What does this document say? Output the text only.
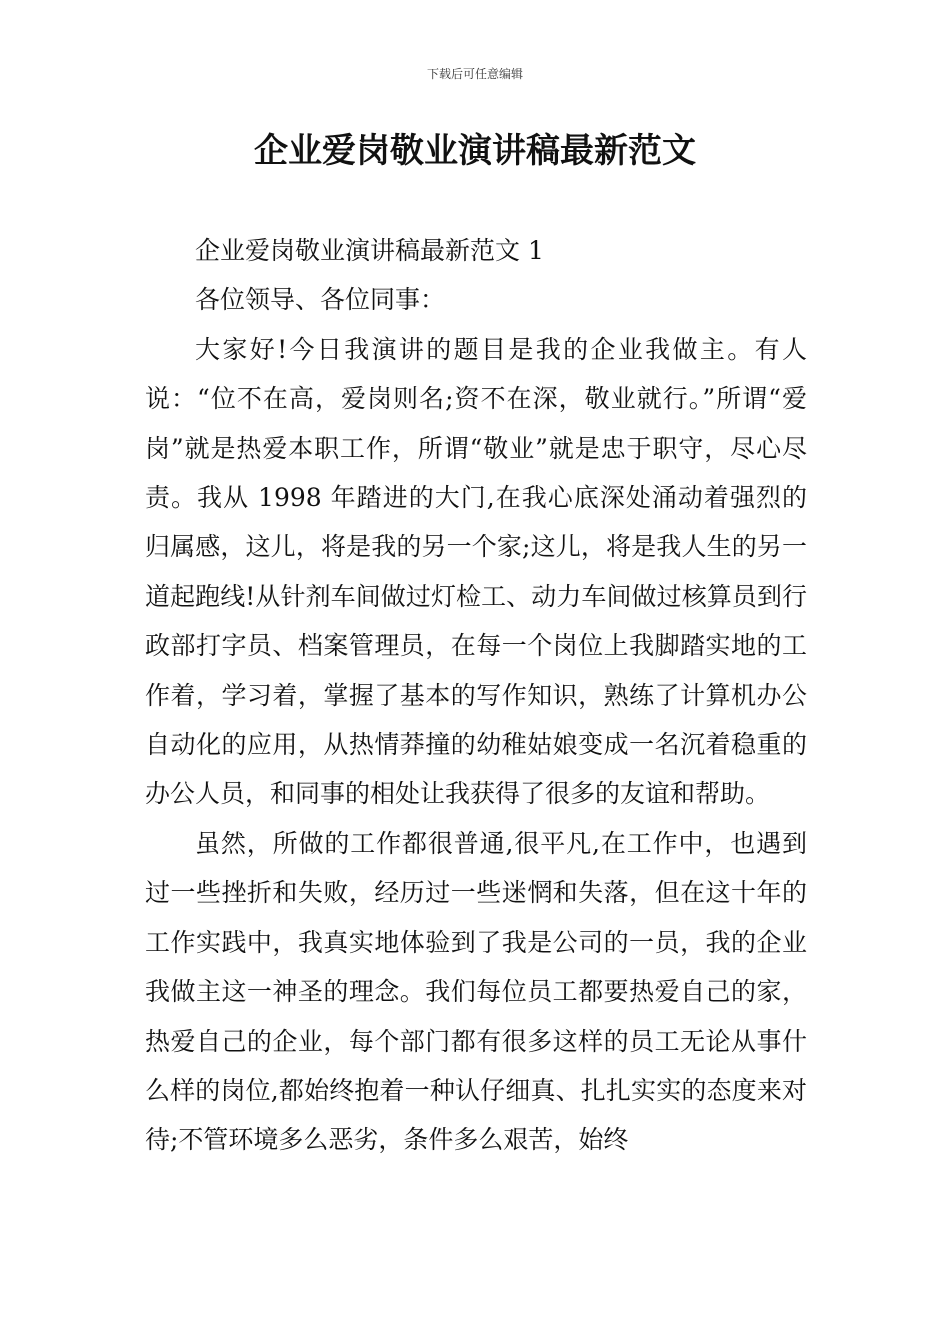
下载后可任意编辑
企业爱岗敬业演讲稿最新范文

企业爱岗敬业演讲稿最新范文 1

各位领导、各位同事：

大家好!今日我演讲的题目是我的企业我做主。有人说：“位不在高，爱岗则名;资不在深，敬业就行。”所谓“爱岗”就是热爱本职工作，所谓“敬业”就是忠于职守，尽心尽责。我从 1998 年踏进的大门,在我心底深处涌动着强烈的归属感，这儿，将是我的另一个家;这儿，将是我人生的另一道起跑线!从针剂车间做过灯检工、动力车间做过核算员到行政部打字员、档案管理员，在每一个岗位上我脚踏实地的工作着，学习着，掌握了基本的写作知识，熟练了计算机办公自动化的应用，从热情莽撞的幼稚姑娘变成一名沉着稳重的办公人员，和同事的相处让我获得了很多的友谊和帮助。

虽然，所做的工作都很普通,很平凡,在工作中，也遇到过一些挫折和失败，经历过一些迷惘和失落，但在这十年的工作实践中，我真实地体验到了我是公司的一员，我的企业我做主这一神圣的理念。我们每位员工都要热爱自己的家，热爱自己的企业，每个部门都有很多这样的员工无论从事什么样的岗位,都始终抱着一种认仔细真、扎扎实实的态度来对待;不管环境多么恶劣，条件多么艰苦，始终
